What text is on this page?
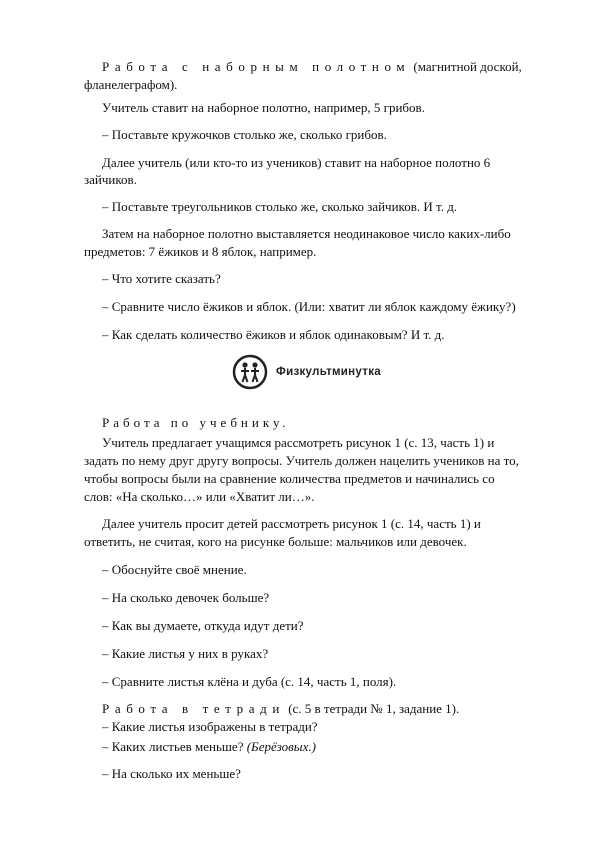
Работа с наборным полотном (магнитной доской,
фланелеграфом).
Учитель ставит на наборное полотно, например, 5 грибов.
– Поставьте кружочков столько же, сколько грибов.
Далее учитель (или кто-то из учеников) ставит на наборное полотно 6
зайчиков.
– Поставьте треугольников столько же, сколько зайчиков. И т. д.
Затем на наборное полотно выставляется неодинаковое число каких-либо
предметов: 7 ёжиков и 8 яблок, например.
– Что хотите сказать?
– Сравните число ёжиков и яблок. (Или: хватит ли яблок каждому ёжику?)
– Как сделать количество ёжиков и яблок одинаковым? И т. д.
Физкультминутка
Работа по учебнику.
Учитель предлагает учащимся рассмотреть рисунок 1 (с. 13, часть 1) и
задать по нему друг другу вопросы. Учитель должен нацелить учеников на то,
чтобы вопросы были на сравнение количества предметов и начинались со
слов: «На сколько…» или «Хватит ли…».
Далее учитель просит детей рассмотреть рисунок 1 (с. 14, часть 1) и
ответить, не считая, кого на рисунке больше: мальчиков или девочек.
– Обоснуйте своё мнение.
– На сколько девочек больше?
– Как вы думаете, откуда идут дети?
– Какие листья у них в руках?
– Сравните листья клёна и дуба (с. 14, часть 1, поля).
Работа в тетради (с. 5 в тетради № 1, задание 1).
– Какие листья изображены в тетради?
– Каких листьев меньше? (Берёзовых.)
– На сколько их меньше?
